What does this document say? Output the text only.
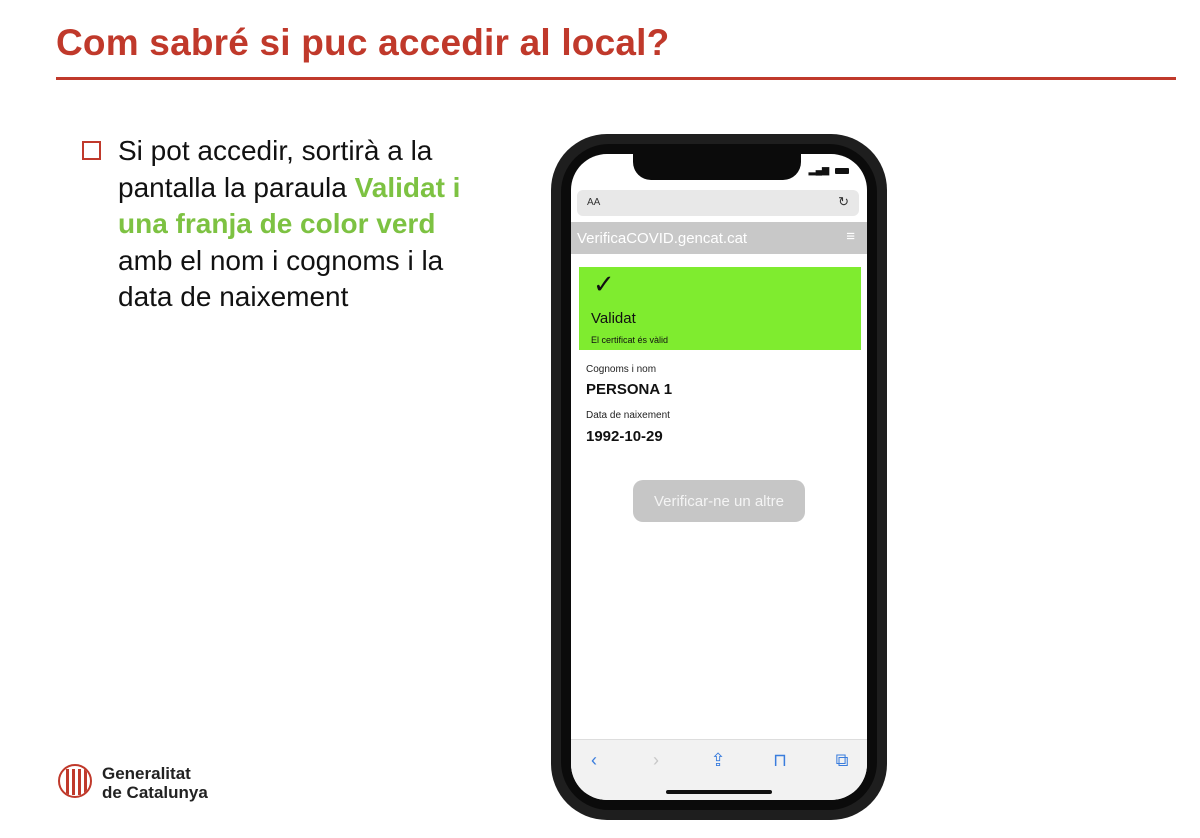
Com sabré si puc accedir al local?
Si pot accedir, sortirà a la pantalla la paraula Validat i una franja de color verd amb el nom i cognoms i la data de naixement
▂▄▆
AA	↻
VerificaCOVID.gencat.cat	≡
✓
Validat
El certificat és vàlid
Cognoms i nom
PERSONA 1
Data de naixement
1992-10-29
Verificar-ne un altre
‹	›	⇪	⊓	⧉
Generalitat
de Catalunya
